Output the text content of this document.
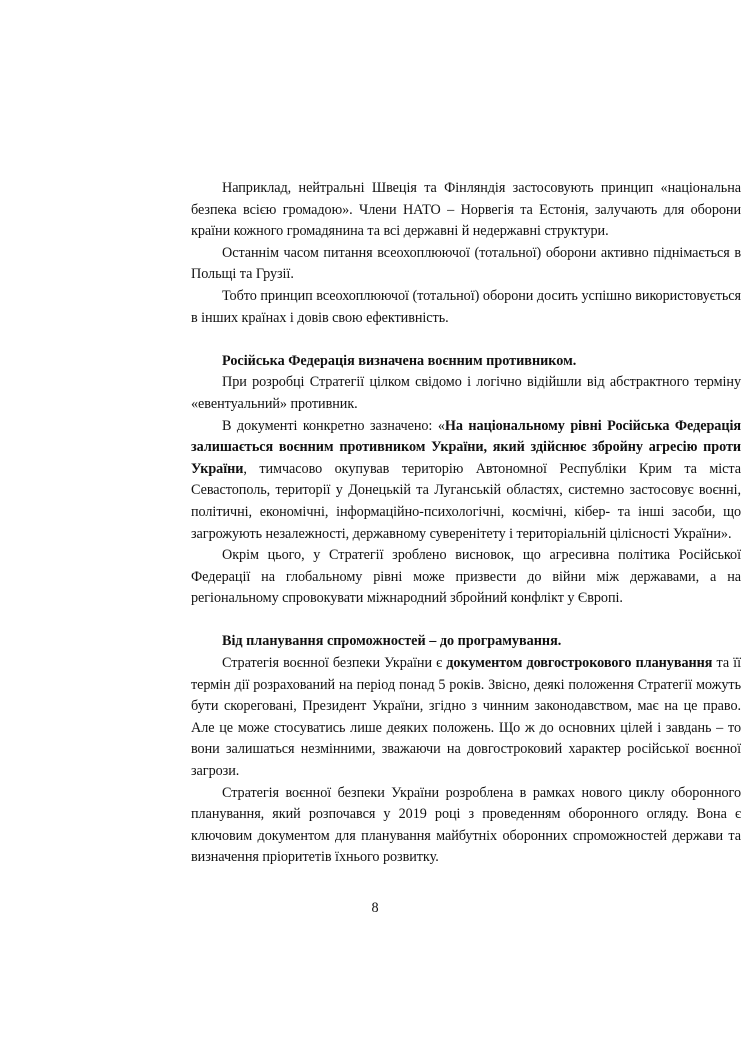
Наприклад, нейтральні Швеція та Фінляндія застосовують принцип «національна безпека всією громадою». Члени НАТО – Норвегія та Естонія, залучають для оборони країни кожного громадянина та всі державні й недержавні структури.

Останнім часом питання всеохоплюючої (тотальної) оборони активно піднімається в Польщі та Грузії.

Тобто принцип всеохоплюючої (тотальної) оборони досить успішно використовується в інших країнах і довів свою ефективність.

Російська Федерація визначена воєнним противником.

При розробці Стратегії цілком свідомо і логічно відійшли від абстрактного терміну «евентуальний» противник.

В документі конкретно зазначено: «На національному рівні Російська Федерація залишається воєнним противником України, який здійснює збройну агресію проти України, тимчасово окупував територію Автономної Республіки Крим та міста Севастополь, території у Донецькій та Луганській областях, системно застосовує воєнні, політичні, економічні, інформаційно-психологічні, космічні, кібер- та інші засоби, що загрожують незалежності, державному суверенітету і територіальній цілісності України».

Окрім цього, у Стратегії зроблено висновок, що агресивна політика Російської Федерації на глобальному рівні може призвести до війни між державами, а на регіональному спровокувати міжнародний збройний конфлікт у Європі.

Від планування спроможностей – до програмування.

Стратегія воєнної безпеки України є документом довгострокового планування та її термін дії розрахований на період понад 5 років. Звісно, деякі положення Стратегії можуть бути скореговані, Президент України, згідно з чинним законодавством, має на це право. Але це може стосуватись лише деяких положень. Що ж до основних цілей і завдань – то вони залишаться незмінними, зважаючи на довгостроковий характер російської воєнної загрози.

Стратегія воєнної безпеки України розроблена в рамках нового циклу оборонного планування, який розпочався у 2019 році з проведенням оборонного огляду. Вона є ключовим документом для планування майбутніх оборонних спроможностей держави та визначення пріоритетів їхнього розвитку.

8
